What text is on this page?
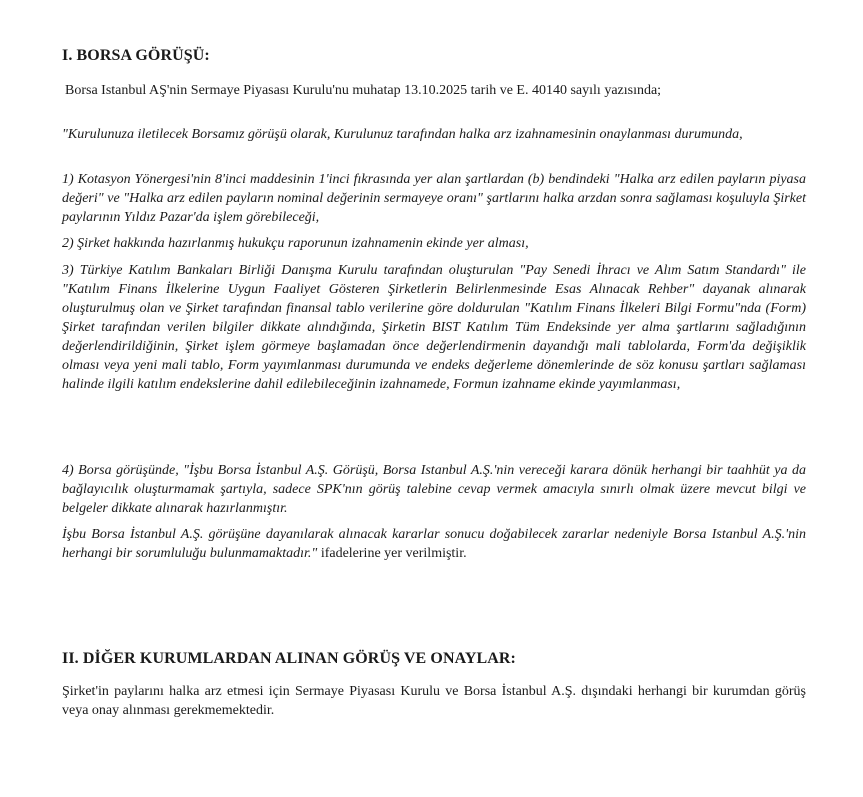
I. BORSA GÖRÜŞÜ:

Borsa Istanbul AŞ'nin Sermaye Piyasası Kurulu'nu muhatap 13.10.2025 tarih ve E. 40140 sayılı yazısında;

"Kurulunuza iletilecek Borsamız görüşü olarak, Kurulunuz tarafından halka arz izahnamesinin onaylanması durumunda,

1) Kotasyon Yönergesi'nin 8'inci maddesinin 1'inci fıkrasında yer alan şartlardan (b) bendindeki "Halka arz edilen payların piyasa değeri" ve "Halka arz edilen payların nominal değerinin sermayeye oranı" şartlarını halka arzdan sonra sağlaması koşuluyla Şirket paylarının Yıldız Pazar'da işlem görebileceği,

2) Şirket hakkında hazırlanmış hukukçu raporunun izahnamenin ekinde yer alması,

3) Türkiye Katılım Bankaları Birliği Danışma Kurulu tarafından oluşturulan "Pay Senedi İhracı ve Alım Satım Standardı" ile "Katılım Finans İlkelerine Uygun Faaliyet Gösteren Şirketlerin Belirlenmesinde Esas Alınacak Rehber" dayanak alınarak oluşturulmuş olan ve Şirket tarafından finansal tablo verilerine göre doldurulan "Katılım Finans İlkeleri Bilgi Formu"nda (Form) Şirket tarafından verilen bilgiler dikkate alındığında, Şirketin BIST Katılım Tüm Endeksinde yer alma şartlarını sağladığının değerlendirildiğinin, Şirket işlem görmeye başlamadan önce değerlendirmenin dayandığı mali tablolarda, Form'da değişiklik olması veya yeni mali tablo, Form yayımlanması durumunda ve endeks değerleme dönemlerinde de söz konusu şartları sağlaması halinde ilgili katılım endekslerine dahil edilebileceğinin izahnamede, Formun izahname ekinde yayımlanması,

4) Borsa görüşünde, "İşbu Borsa İstanbul A.Ş. Görüşü, Borsa Istanbul A.Ş.'nin vereceği karara dönük herhangi bir taahhüt ya da bağlayıcılık oluşturmamak şartıyla, sadece SPK'nın görüş talebine cevap vermek amacıyla sınırlı olmak üzere mevcut bilgi ve belgeler dikkate alınarak hazırlanmıştır.

İşbu Borsa İstanbul A.Ş. görüşüne dayanılarak alınacak kararlar sonucu doğabilecek zararlar nedeniyle Borsa Istanbul A.Ş.'nin herhangi bir sorumluluğu bulunmamaktadır." ifadelerine yer verilmiştir.

II. DİĞER KURUMLARDAN ALINAN GÖRÜŞ VE ONAYLAR:

Şirket'in paylarını halka arz etmesi için Sermaye Piyasası Kurulu ve Borsa İstanbul A.Ş. dışındaki herhangi bir kurumdan görüş veya onay alınması gerekmemektedir.
